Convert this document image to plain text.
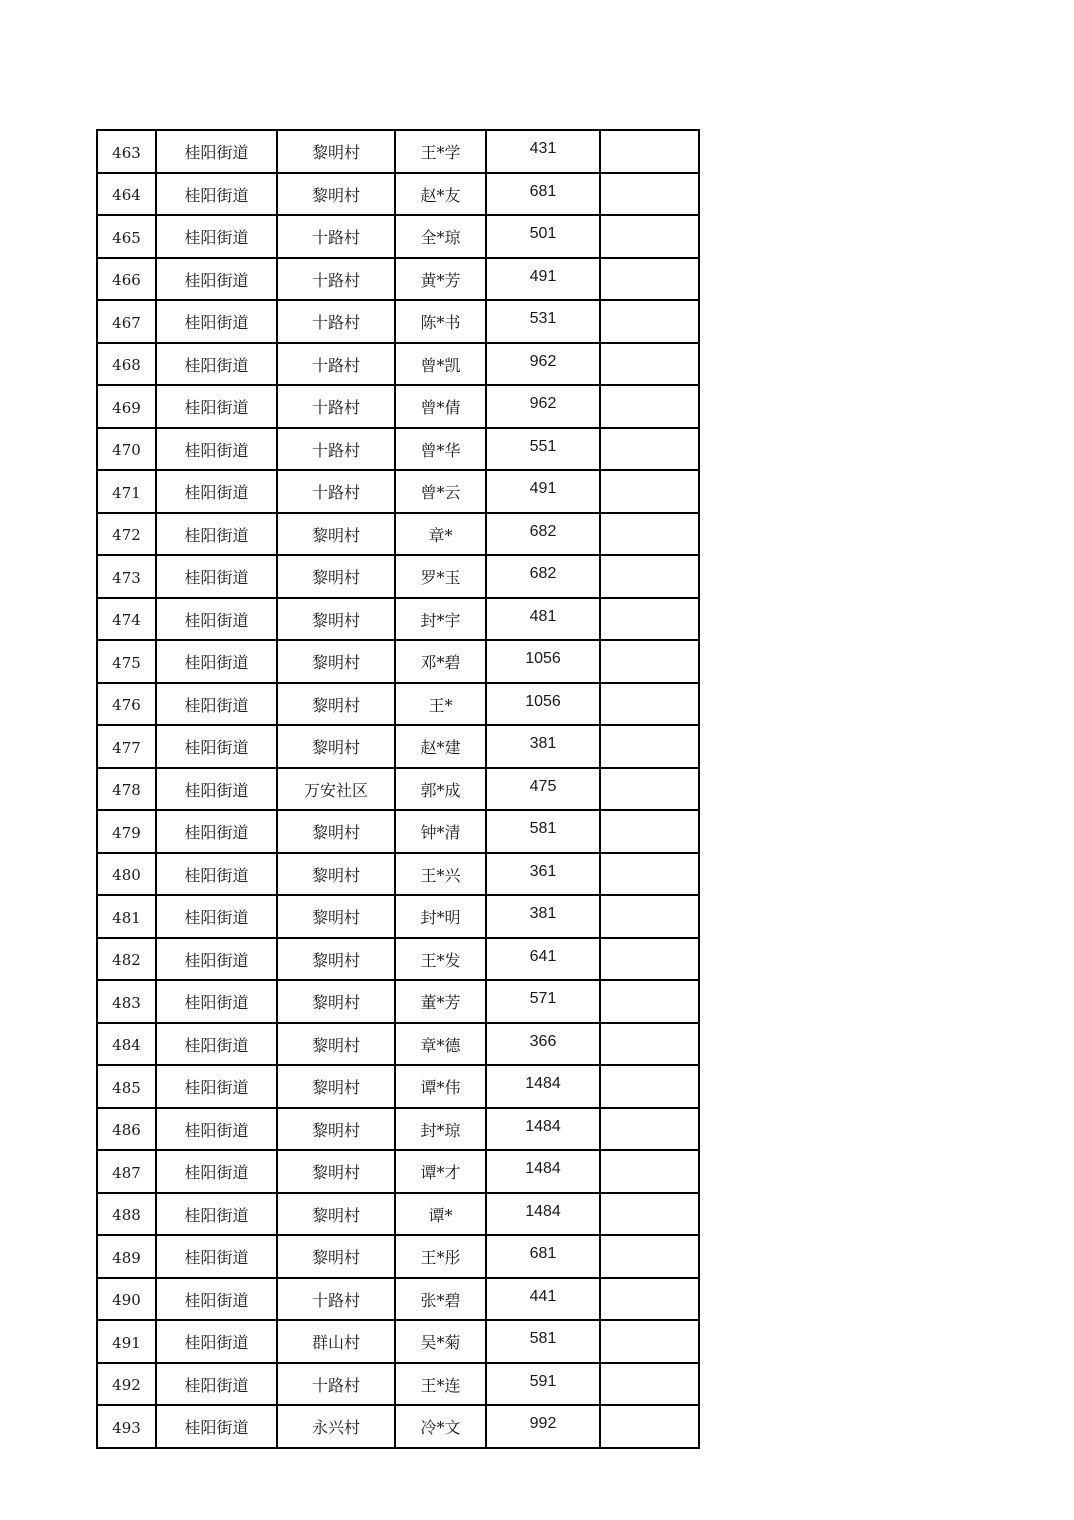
463	桂阳街道	黎明村	王*学	431	
464	桂阳街道	黎明村	赵*友	681	
465	桂阳街道	十路村	全*琼	501	
466	桂阳街道	十路村	黄*芳	491	
467	桂阳街道	十路村	陈*书	531	
468	桂阳街道	十路村	曾*凯	962	
469	桂阳街道	十路村	曾*倩	962	
470	桂阳街道	十路村	曾*华	551	
471	桂阳街道	十路村	曾*云	491	
472	桂阳街道	黎明村	章*	682	
473	桂阳街道	黎明村	罗*玉	682	
474	桂阳街道	黎明村	封*宇	481	
475	桂阳街道	黎明村	邓*碧	1056	
476	桂阳街道	黎明村	王*	1056	
477	桂阳街道	黎明村	赵*建	381	
478	桂阳街道	万安社区	郭*成	475	
479	桂阳街道	黎明村	钟*清	581	
480	桂阳街道	黎明村	王*兴	361	
481	桂阳街道	黎明村	封*明	381	
482	桂阳街道	黎明村	王*发	641	
483	桂阳街道	黎明村	董*芳	571	
484	桂阳街道	黎明村	章*德	366	
485	桂阳街道	黎明村	谭*伟	1484	
486	桂阳街道	黎明村	封*琼	1484	
487	桂阳街道	黎明村	谭*才	1484	
488	桂阳街道	黎明村	谭*	1484	
489	桂阳街道	黎明村	王*彤	681	
490	桂阳街道	十路村	张*碧	441	
491	桂阳街道	群山村	吴*菊	581	
492	桂阳街道	十路村	王*连	591	
493	桂阳街道	永兴村	冷*文	992	
